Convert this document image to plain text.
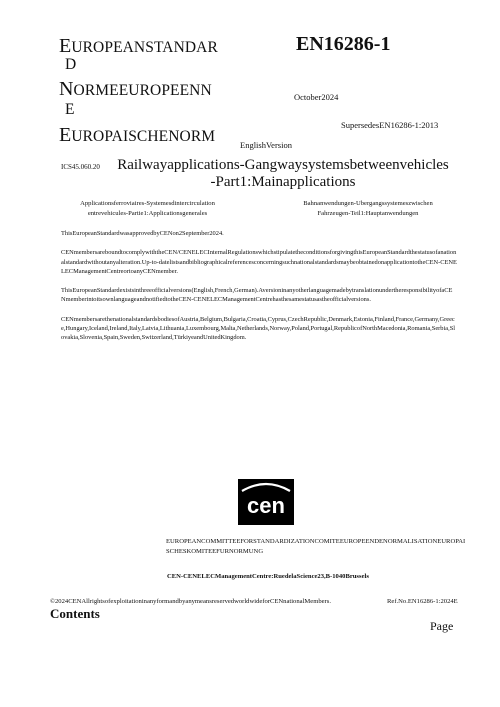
EUROPEANSTANDAR
D
NORMEEUROPEENN
E
EUROPAISCHENORM
EN16286-1
October2024
SupersedesEN16286-1:2013
EnglishVersion
ICS45.060.20	Railwayapplications-Gangwaysystemsbetweenvehicles
-Part1:Mainapplications
Applicationsferroviaires-Systemesdintercirculation
entrevehicules-Partie1:Applicationsgenerales
Bahnanwendungen-Ubergangssystemeszwischen
Fahrzeugen-Teil1:Hauptanwendungen

ThisEuropeanStandardwasapprovedbyCENon2September2024.

CENmembersareboundtocomplywiththeCEN/CENELECInternalRegulationswhichstipulatetheconditionsforgivingthisEuropeanStandardthestatusofanationalstandardwithoutanyalteration.Up-to-datelistsandbibliographicalreferencesconcerningsuchnationalstandardsmaybeobtainedonapplicationtotheCEN-CENELECManagementCentreortoanyCENmember.

ThisEuropeanStandardexistsinthreeofficialversions(English,French,German).AversioninanyotherlanguagemadebytranslationundertheresponsibilityofaCENmemberintoitsownlanguageandnotifiedtotheCEN-CENELECManagementCentrehasthesamestatusastheofficialversions.

CENmembersarethenationalstandardsbodiesofAustria,Belgium,Bulgaria,Croatia,Cyprus,CzechRepublic,Denmark,Estonia,Finland,France,Germany,Greece,Hungary,Iceland,Ireland,Italy,Latvia,Lithuania,Luxembourg,Malta,Netherlands,Norway,Poland,Portugal,RepublicofNorthMacedonia,Romania,Serbia,Slovakia,Slovenia,Spain,Sweden,Switzerland,TürkiyeandUnitedKingdom.

cen
EUROPEANCOMMITTEEFORSTANDARDIZATIONCOMITEEUROPEENDENORMALISATIONEUROPAI
SCHESKOMITEEFURNORMUNG
CEN-CENELECManagementCentre:RuedelaScience23,B-1040Brussels
©2024CENAllrightsofexploitationinanyformandbyanymeansreservedworldwideforCENnationalMembers.	Ref.No.EN16286-1:2024E
Contents
Page
